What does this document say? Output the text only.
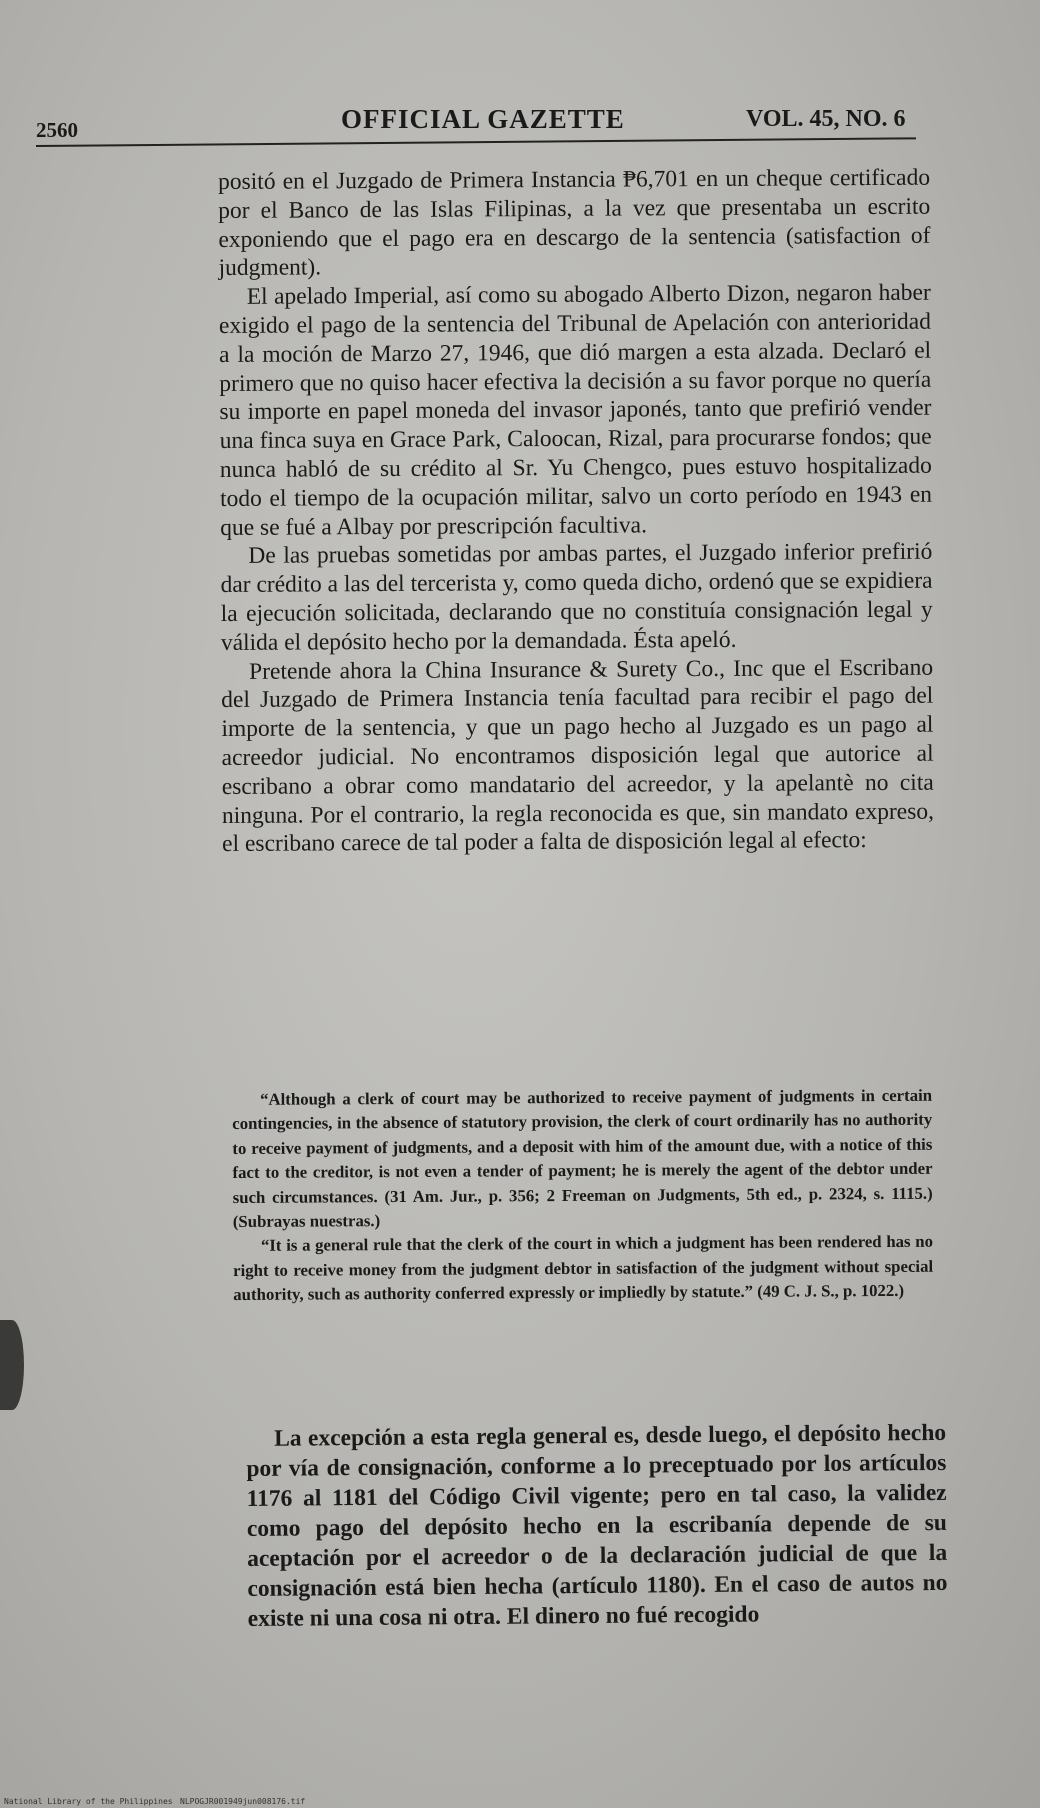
2560	OFFICIAL GAZETTE	VOL. 45, NO. 6

positó en el Juzgado de Primera Instancia ₱6,701 en un cheque certificado por el Banco de las Islas Filipinas, a la vez que presentaba un escrito exponiendo que el pago era en descargo de la sentencia (satisfaction of judgment).

El apelado Imperial, así como su abogado Alberto Dizon, negaron haber exigido el pago de la sentencia del Tribunal de Apelación con anterioridad a la moción de Marzo 27, 1946, que dió margen a esta alzada. Declaró el primero que no quiso hacer efectiva la decisión a su favor porque no quería su importe en papel moneda del invasor japonés, tanto que prefirió vender una finca suya en Grace Park, Caloocan, Rizal, para procurarse fondos; que nunca habló de su crédito al Sr. Yu Chengco, pues estuvo hospitalizado todo el tiempo de la ocupación militar, salvo un corto período en 1943 en que se fué a Albay por prescripción facultiva.

De las pruebas sometidas por ambas partes, el Juzgado inferior prefirió dar crédito a las del tercerista y, como queda dicho, ordenó que se expidiera la ejecución solicitada, declarando que no constituía consignación legal y válida el depósito hecho por la demandada. Ésta apeló.

Pretende ahora la China Insurance & Surety Co., Inc que el Escribano del Juzgado de Primera Instancia tenía facultad para recibir el pago del importe de la sentencia, y que un pago hecho al Juzgado es un pago al acreedor judicial. No encontramos disposición legal que autorice al escribano a obrar como mandatario del acreedor, y la apelantè no cita ninguna. Por el contrario, la regla reconocida es que, sin mandato expreso, el escribano carece de tal poder a falta de disposición legal al efecto:

“Although a clerk of court may be authorized to receive payment of judgments in certain contingencies, in the absence of statutory provision, the clerk of court ordinarily has no authority to receive payment of judgments, and a deposit with him of the amount due, with a notice of this fact to the creditor, is not even a tender of payment; he is merely the agent of the debtor under such circumstances. (31 Am. Jur., p. 356; 2 Freeman on Judgments, 5th ed., p. 2324, s. 1115.) (Subrayas nuestras.)

“It is a general rule that the clerk of the court in which a judgment has been rendered has no right to receive money from the judgment debtor in satisfaction of the judgment without special authority, such as authority conferred expressly or impliedly by statute.” (49 C. J. S., p. 1022.)

La excepción a esta regla general es, desde luego, el depósito hecho por vía de consignación, conforme a lo preceptuado por los artículos 1176 al 1181 del Código Civil vigente; pero en tal caso, la validez como pago del depósito hecho en la escribanía depende de su aceptación por el acreedor o de la declaración judicial de que la consignación está bien hecha (artículo 1180). En el caso de autos no existe ni una cosa ni otra. El dinero no fué recogido

National Library of the Philippines NLPOGJR001949jun008176.tif
